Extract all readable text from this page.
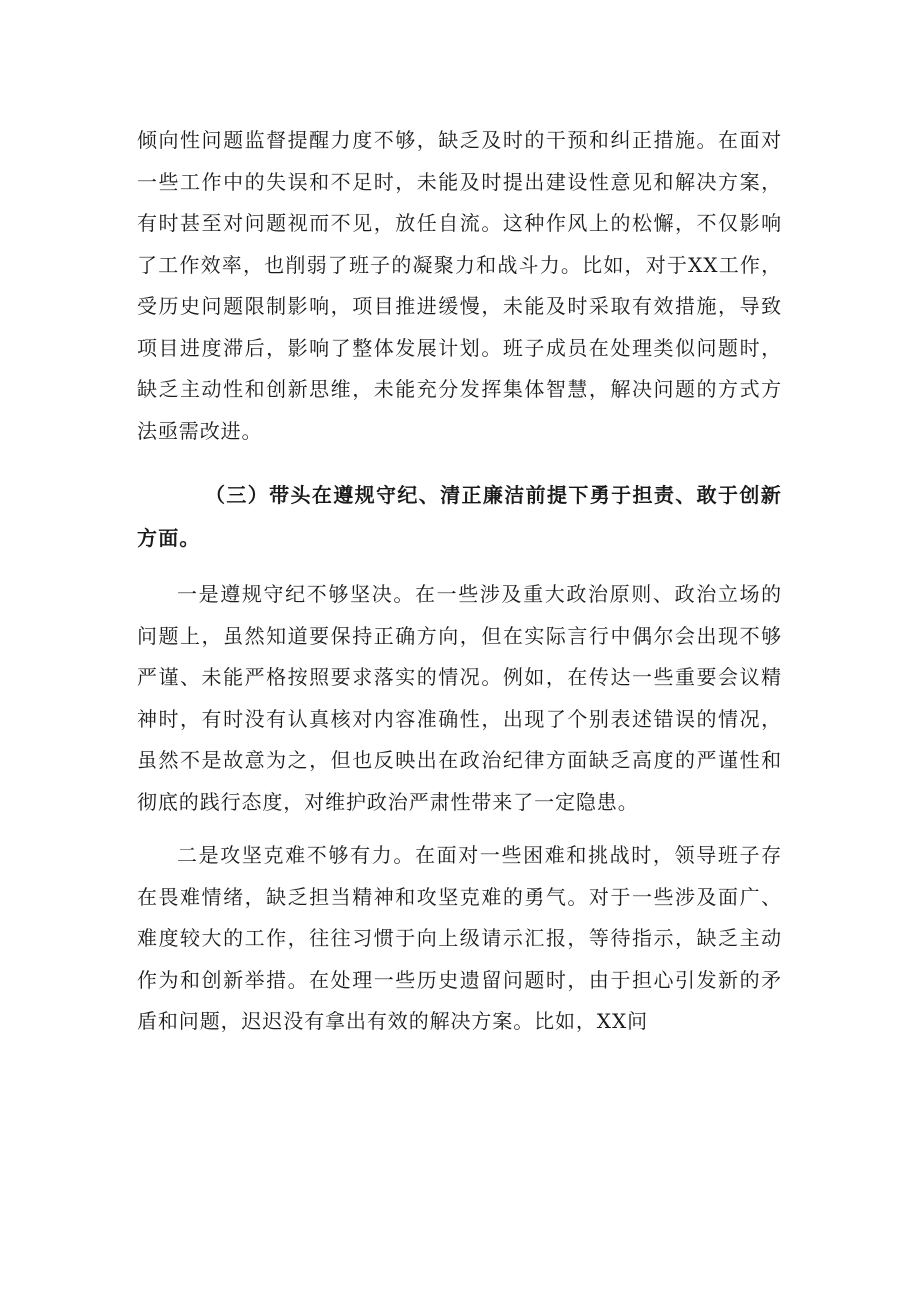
倾向性问题监督提醒力度不够，缺乏及时的干预和纠正措施。在面对一些工作中的失误和不足时，未能及时提出建设性意见和解决方案，有时甚至对问题视而不见，放任自流。这种作风上的松懈，不仅影响了工作效率，也削弱了班子的凝聚力和战斗力。比如，对于XX工作，受历史问题限制影响，项目推进缓慢，未能及时采取有效措施，导致项目进度滞后，影响了整体发展计划。班子成员在处理类似问题时，缺乏主动性和创新思维，未能充分发挥集体智慧，解决问题的方式方法亟需改进。

（三）带头在遵规守纪、清正廉洁前提下勇于担责、敢于创新方面。

一是遵规守纪不够坚决。在一些涉及重大政治原则、政治立场的问题上，虽然知道要保持正确方向，但在实际言行中偶尔会出现不够严谨、未能严格按照要求落实的情况。例如，在传达一些重要会议精神时，有时没有认真核对内容准确性，出现了个别表述错误的情况，虽然不是故意为之，但也反映出在政治纪律方面缺乏高度的严谨性和彻底的践行态度，对维护政治严肃性带来了一定隐患。

二是攻坚克难不够有力。在面对一些困难和挑战时，领导班子存在畏难情绪，缺乏担当精神和攻坚克难的勇气。对于一些涉及面广、难度较大的工作，往往习惯于向上级请示汇报，等待指示，缺乏主动作为和创新举措。在处理一些历史遗留问题时，由于担心引发新的矛盾和问题，迟迟没有拿出有效的解决方案。比如，XX问
